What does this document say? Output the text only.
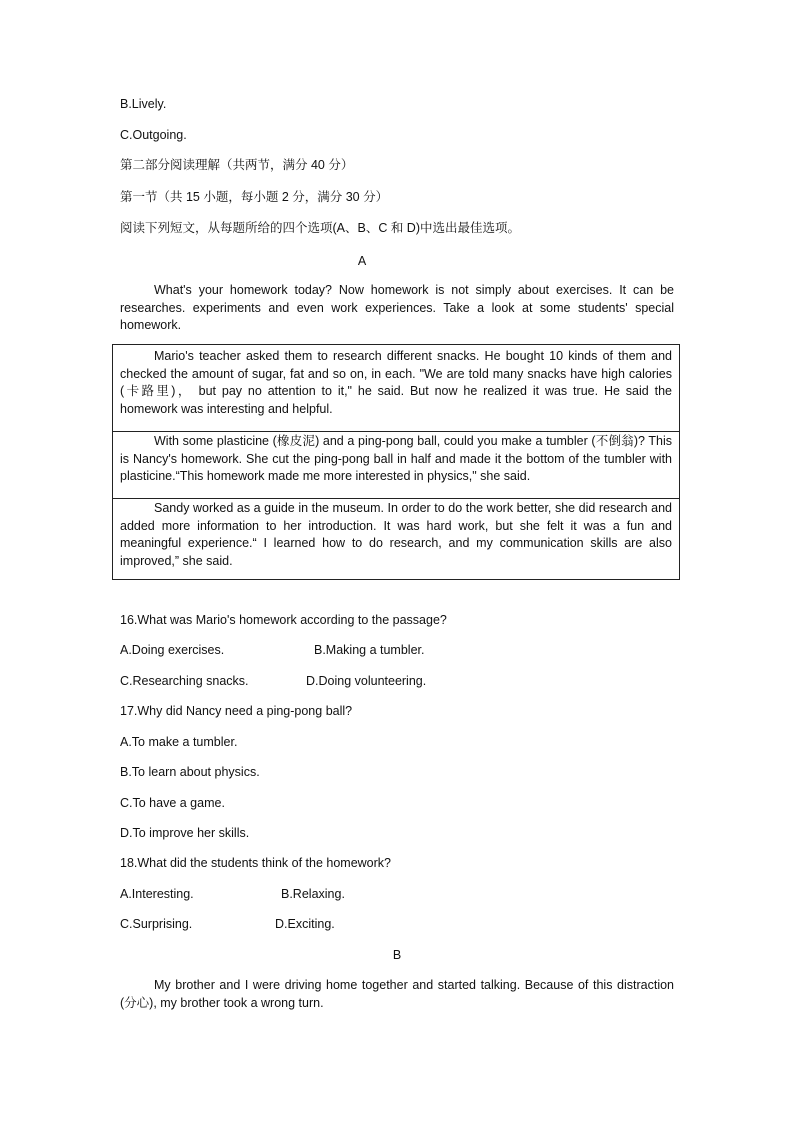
B.Lively.
C.Outgoing.
第二部分阅读理解（共两节，满分 40 分）
第一节（共 15 小题，每小题 2 分，满分 30 分）
阅读下列短文，从每题所给的四个选项(A、B、C 和 D)中选出最佳选项。
A
What's your homework today? Now homework is not simply about exercises. It can be researches. experiments and even work experiences. Take a look at some students' special homework.
Mario's teacher asked them to research different snacks. He bought 10 kinds of them and checked the amount of sugar, fat and so on, in each. "We are told many snacks have high calories (卡路里)， but pay no attention to it," he said. But now he realized it was true. He said the homework was interesting and helpful.
With some plasticine (橡皮泥) and a ping-pong ball, could you make a tumbler (不倒翁)? This is Nancy's homework. She cut the ping-pong ball in half and made it the bottom of the tumbler with plasticine.“This homework made me more interested in physics," she said.
Sandy worked as a guide in the museum. In order to do the work better, she did research and added more information to her introduction. It was hard work, but she felt it was a fun and meaningful experience.“ I learned how to do research, and my communication skills are also improved,” she said.
16.What was Mario's homework according to the passage?
A.Doing exercises.	B.Making a tumbler.
C.Researching snacks.	D.Doing volunteering.
17.Why did Nancy need a ping-pong ball?
A.To make a tumbler.
B.To learn about physics.
C.To have a game.
D.To improve her skills.
18.What did the students think of the homework?
A.Interesting.	B.Relaxing.
C.Surprising.	D.Exciting.
B
My brother and I were driving home together and started talking. Because of this distraction (分心), my brother took a wrong turn.
